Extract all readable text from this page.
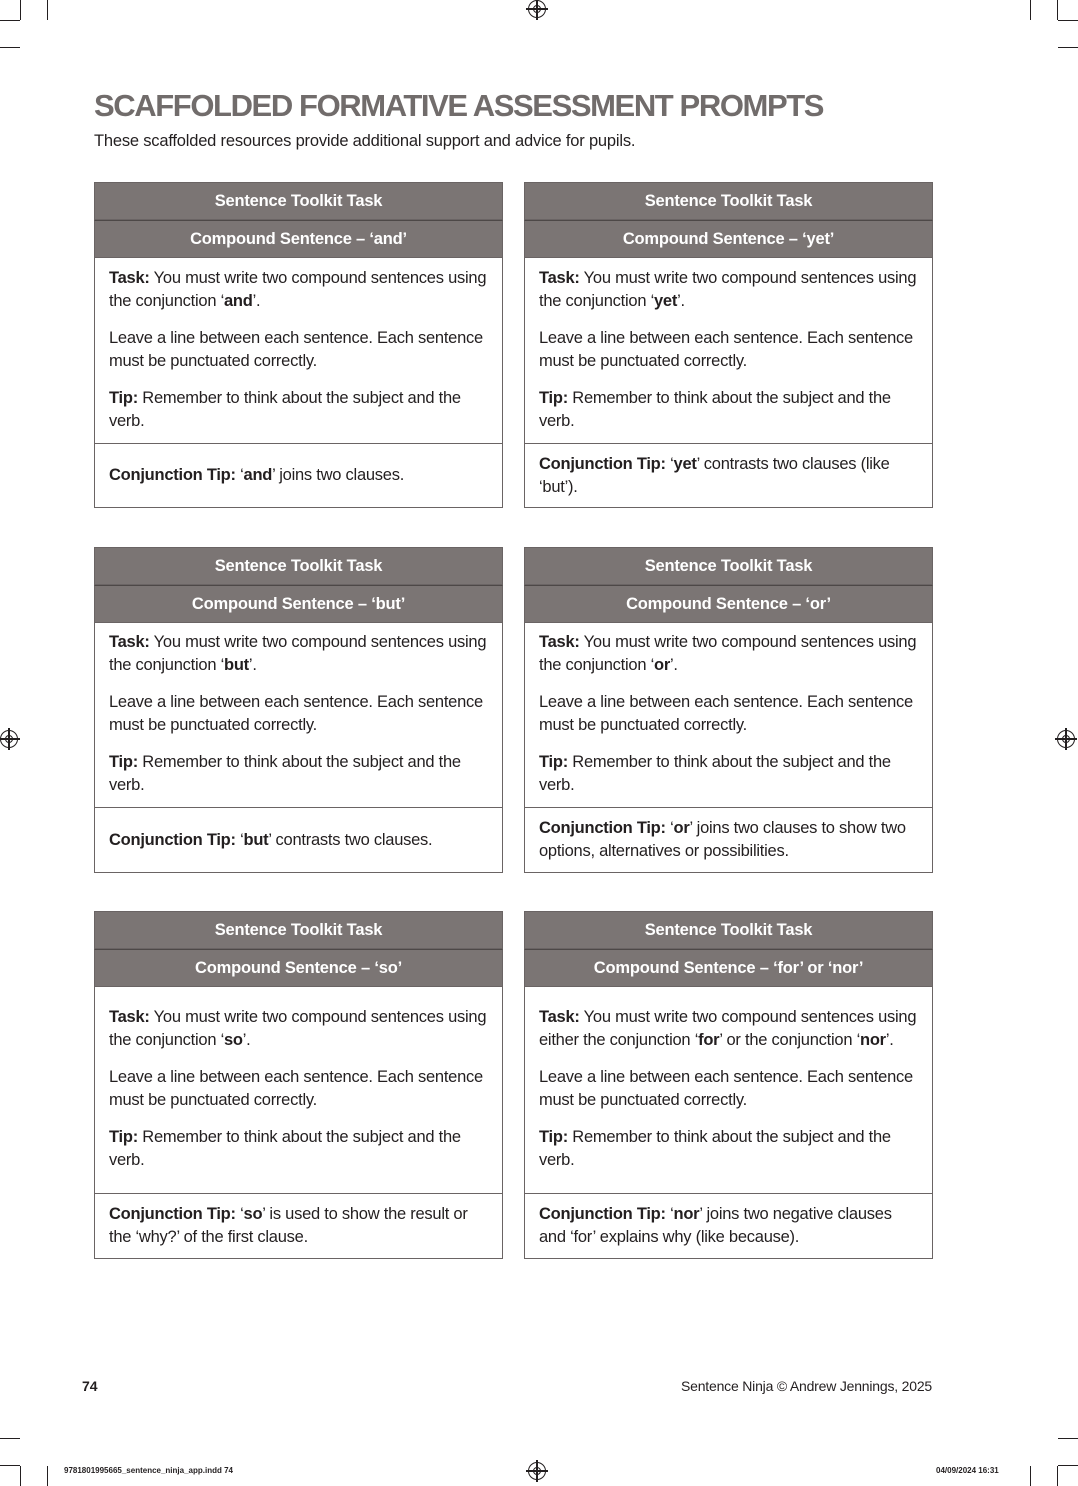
SCAFFOLDED FORMATIVE ASSESSMENT PROMPTS

These scaffolded resources provide additional support and advice for pupils.

Sentence Toolkit Task
Compound Sentence – ‘and’

Task: You must write two compound sentences using the conjunction ‘and’.

Leave a line between each sentence. Each sentence must be punctuated correctly.

Tip: Remember to think about the subject and the verb.

Conjunction Tip: ‘and’ joins two clauses.
Sentence Toolkit Task
Compound Sentence – ‘yet’

Task: You must write two compound sentences using the conjunction ‘yet’.

Leave a line between each sentence. Each sentence must be punctuated correctly.

Tip: Remember to think about the subject and the verb.

Conjunction Tip: ‘yet’ contrasts two clauses (like ‘but’).
Sentence Toolkit Task
Compound Sentence – ‘but’

Task: You must write two compound sentences using the conjunction ‘but’.

Leave a line between each sentence. Each sentence must be punctuated correctly.

Tip: Remember to think about the subject and the verb.

Conjunction Tip: ‘but’ contrasts two clauses.
Sentence Toolkit Task
Compound Sentence – ‘or’

Task: You must write two compound sentences using the conjunction ‘or’.

Leave a line between each sentence. Each sentence must be punctuated correctly.

Tip: Remember to think about the subject and the verb.

Conjunction Tip: ‘or’ joins two clauses to show two options, alternatives or possibilities.
Sentence Toolkit Task
Compound Sentence – ‘so’

Task: You must write two compound sentences using the conjunction ‘so’.

Leave a line between each sentence. Each sentence must be punctuated correctly.

Tip: Remember to think about the subject and the verb.

Conjunction Tip: ‘so’ is used to show the result or the ‘why?’ of the first clause.
Sentence Toolkit Task
Compound Sentence – ‘for’ or ‘nor’

Task: You must write two compound sentences using either the conjunction ‘for’ or the conjunction ‘nor’.

Leave a line between each sentence. Each sentence must be punctuated correctly.

Tip: Remember to think about the subject and the verb.

Conjunction Tip: ‘nor’ joins two negative clauses and ‘for’ explains why (like because).
74	Sentence Ninja © Andrew Jennings, 2025
9781801995665_sentence_ninja_app.indd 74	04/09/2024 16:31
